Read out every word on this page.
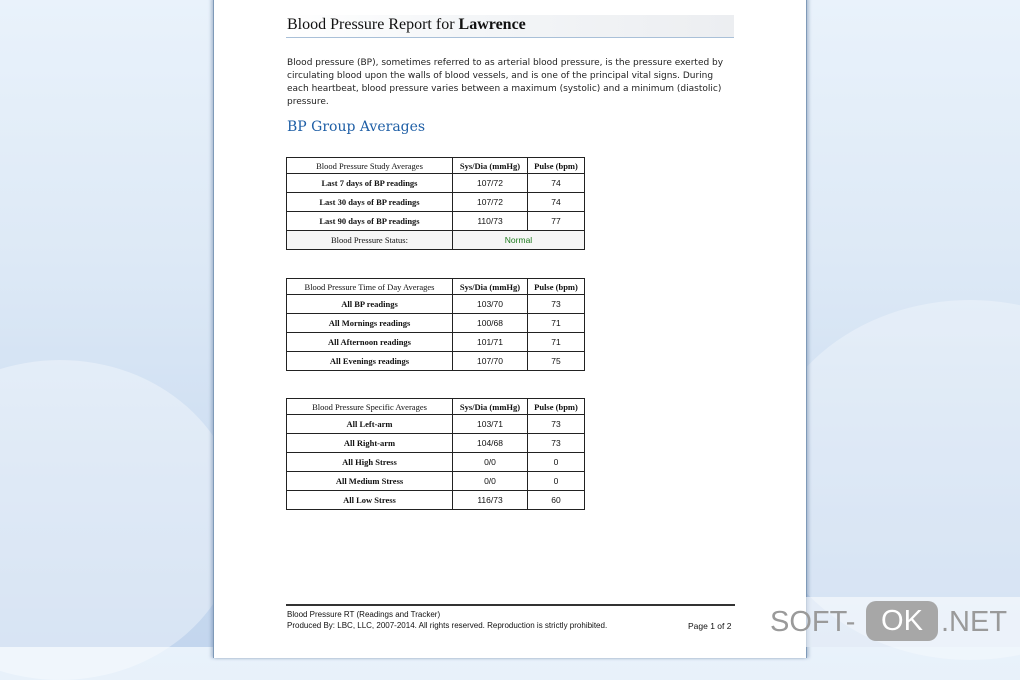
Blood Pressure Report for Lawrence
Blood pressure (BP), sometimes referred to as arterial blood pressure, is the pressure exerted by circulating blood upon the walls of blood vessels, and is one of the principal vital signs. During each heartbeat, blood pressure varies between a maximum (systolic) and a minimum (diastolic) pressure.
BP Group Averages
Blood Pressure Study Averages	Sys/Dia (mmHg)	Pulse (bpm)
Last 7 days of BP readings	107/72	74
Last 30 days of BP readings	107/72	74
Last 90 days of BP readings	110/73	77
Blood Pressure Status:	Normal	
Blood Pressure Time of Day Averages	Sys/Dia (mmHg)	Pulse (bpm)
All BP readings	103/70	73
All Mornings readings	100/68	71
All Afternoon readings	101/71	71
All Evenings readings	107/70	75
Blood Pressure Specific Averages	Sys/Dia (mmHg)	Pulse (bpm)
All Left-arm	103/71	73
All Right-arm	104/68	73
All High Stress	0/0	0
All Medium Stress	0/0	0
All Low Stress	116/73	60
Blood Pressure RT (Readings and Tracker)
Produced By: LBC, LLC, 2007-2014. All rights reserved. Reproduction is strictly prohibited.	Page 1 of 2 SOFT- OK .NET
